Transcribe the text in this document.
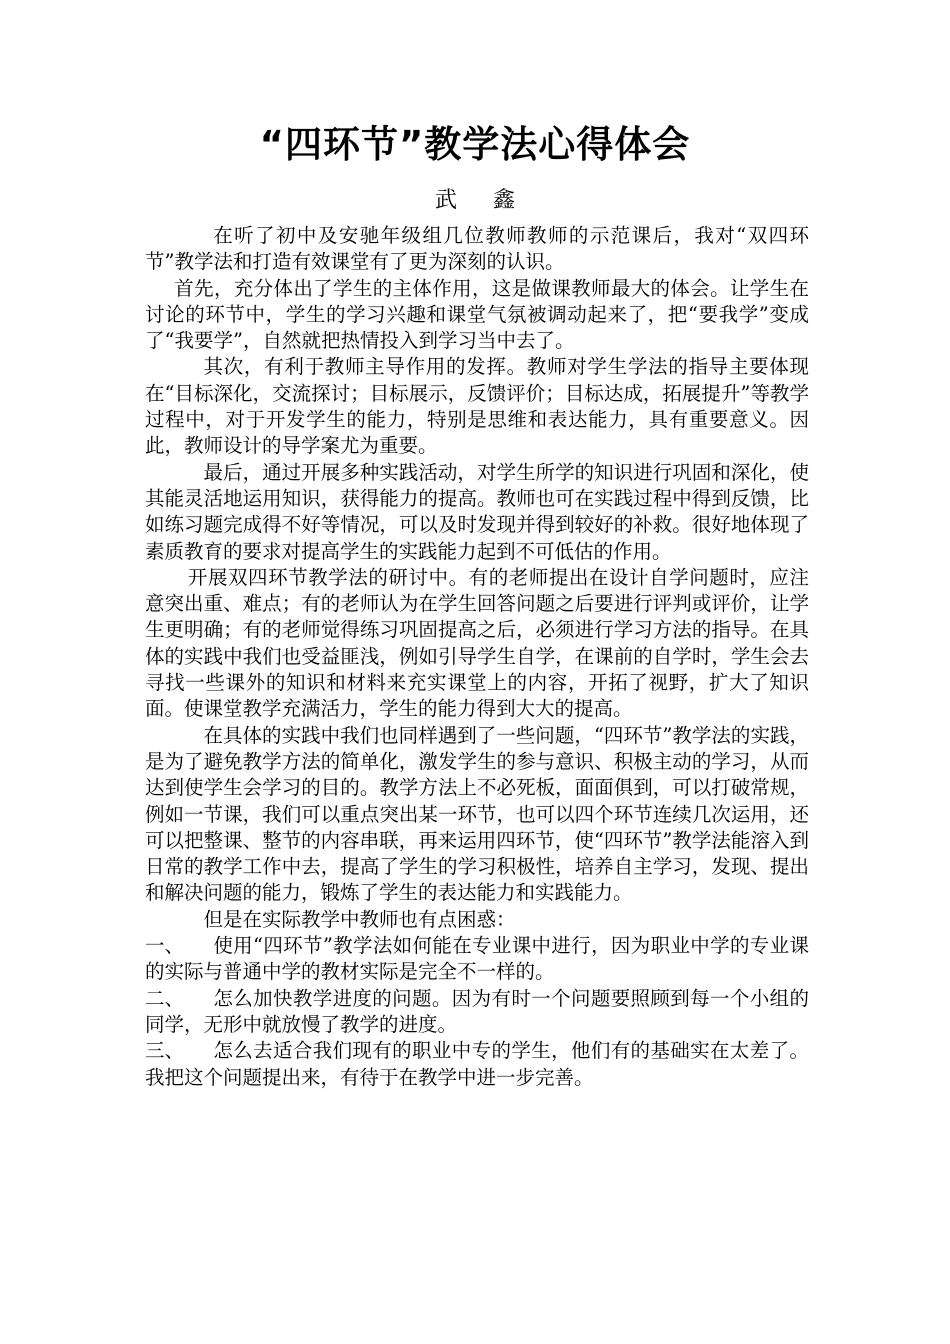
“四环节”教学法心得体会
武鑫

在听了初中及安驰年级组几位教师教师的示范课后，我对“双四环节”教学法和打造有效课堂有了更为深刻的认识。

首先，充分体出了学生的主体作用，这是做课教师最大的体会。让学生在讨论的环节中，学生的学习兴趣和课堂气氛被调动起来了，把“要我学”变成了“我要学”，自然就把热情投入到学习当中去了。

其次，有利于教师主导作用的发挥。教师对学生学法的指导主要体现在“目标深化，交流探讨；目标展示，反馈评价；目标达成，拓展提升”等教学过程中，对于开发学生的能力，特别是思维和表达能力，具有重要意义。因此，教师设计的导学案尤为重要。

最后，通过开展多种实践活动，对学生所学的知识进行巩固和深化，使其能灵活地运用知识，获得能力的提高。教师也可在实践过程中得到反馈，比如练习题完成得不好等情况，可以及时发现并得到较好的补救。很好地体现了素质教育的要求对提高学生的实践能力起到不可低估的作用。

开展双四环节教学法的研讨中。有的老师提出在设计自学问题时，应注意突出重、难点；有的老师认为在学生回答问题之后要进行评判或评价，让学生更明确；有的老师觉得练习巩固提高之后，必须进行学习方法的指导。在具体的实践中我们也受益匪浅，例如引导学生自学，在课前的自学时，学生会去寻找一些课外的知识和材料来充实课堂上的内容，开拓了视野，扩大了知识面。使课堂教学充满活力，学生的能力得到大大的提高。

在具体的实践中我们也同样遇到了一些问题，“四环节”教学法的实践，是为了避免教学方法的简单化，激发学生的参与意识、积极主动的学习，从而达到使学生会学习的目的。教学方法上不必死板，面面俱到，可以打破常规，例如一节课，我们可以重点突出某一环节，也可以四个环节连续几次运用，还可以把整课、整节的内容串联，再来运用四环节，使“四环节”教学法能溶入到日常的教学工作中去，提高了学生的学习积极性，培养自主学习，发现、提出和解决问题的能力，锻炼了学生的表达能力和实践能力。

但是在实际教学中教师也有点困惑：

一、 使用“四环节”教学法如何能在专业课中进行，因为职业中学的专业课的实际与普通中学的教材实际是完全不一样的。

二、 怎么加快教学进度的问题。因为有时一个问题要照顾到每一个小组的同学，无形中就放慢了教学的进度。

三、 怎么去适合我们现有的职业中专的学生，他们有的基础实在太差了。我把这个问题提出来，有待于在教学中进一步完善。
